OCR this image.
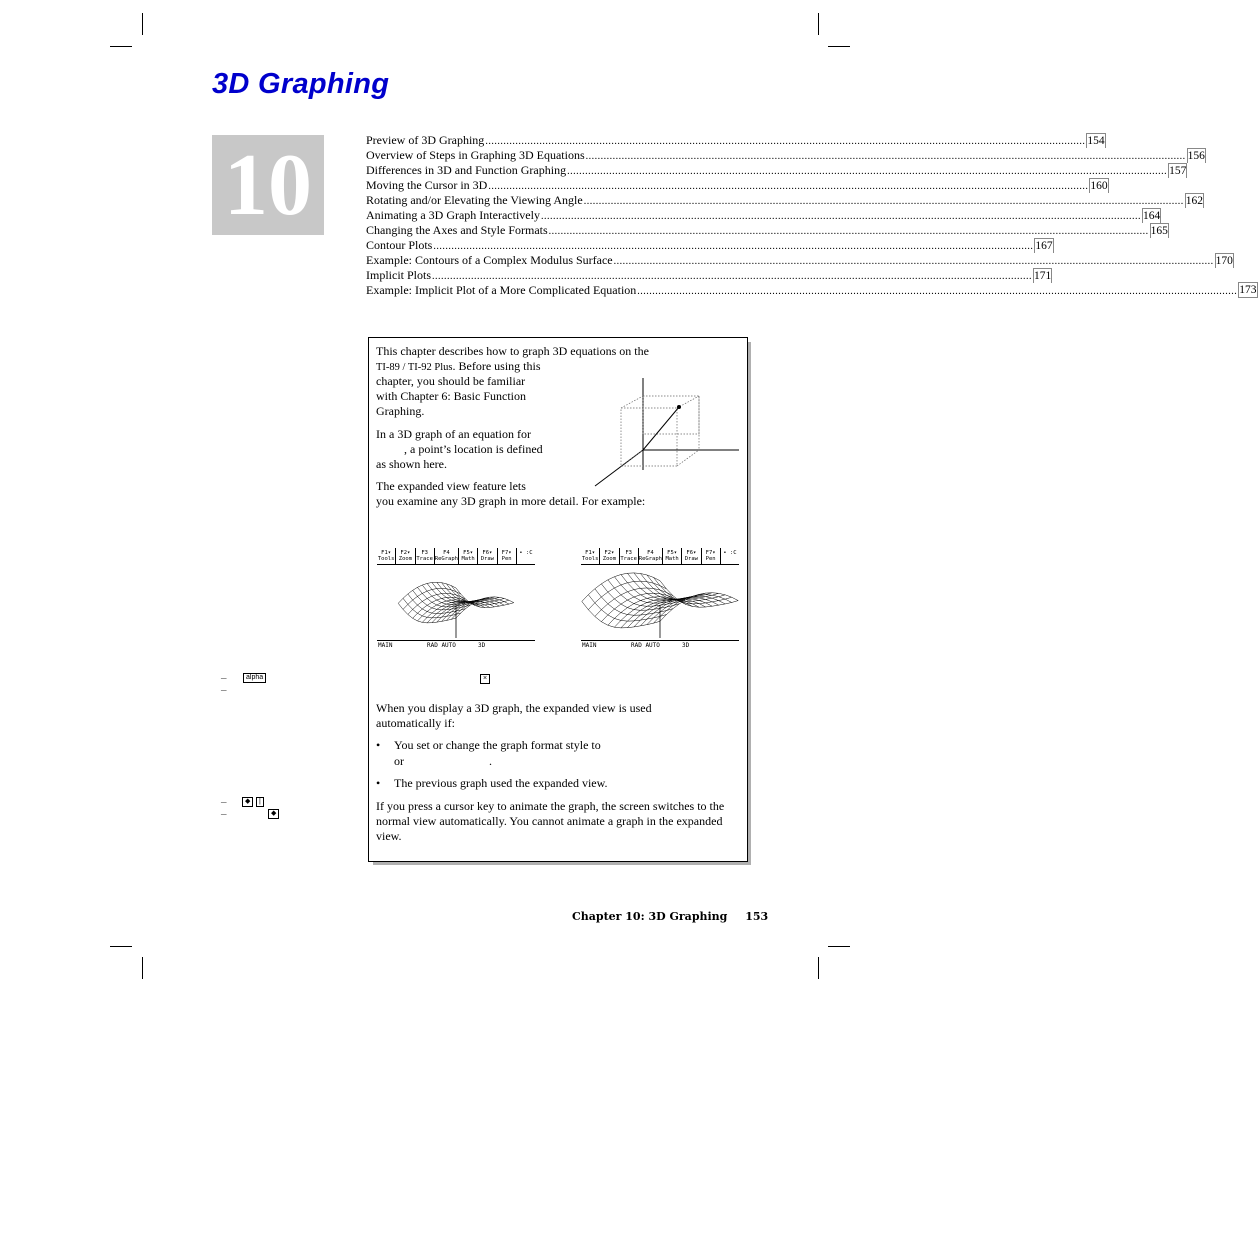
3D Graphing
10	Preview of 3D Graphing ........................................................................................................................................................................................................ 154
Overview of Steps in Graphing 3D Equations ........................................................................................................................................................................................................ 156
Differences in 3D and Function Graphing ........................................................................................................................................................................................................ 157
Moving the Cursor in 3D ........................................................................................................................................................................................................ 160
Rotating and/or Elevating the Viewing Angle ........................................................................................................................................................................................................ 162
Animating a 3D Graph Interactively ........................................................................................................................................................................................................ 164
Changing the Axes and Style Formats ........................................................................................................................................................................................................ 165
Contour Plots ........................................................................................................................................................................................................ 167
Example: Contours of a Complex Modulus Surface ........................................................................................................................................................................................................ 170
Implicit Plots ........................................................................................................................................................................................................ 171
Example: Implicit Plot of a More Complicated Equation ........................................................................................................................................................................................................ 173
This chapter describes how to graph 3D equations on the
TI-89 / TI-92 Plus. Before using this
chapter, you should be familiar
with Chapter 6: Basic Function
Graphing.
In a 3D graph of an equation for
, a point’s location is defined
as shown here.
The expanded view feature lets
you examine any 3D graph in more detail. For example:
F1▾ Tools
F2▾ Zoom
F3 Trace
F4 ReGraph
F5▾ Math
F6▾ Draw
F7▾ Pen
• :C
MAIN	RAD AUTO	3D
F1▾ Tools
F2▾ Zoom
F3 Trace
F4 ReGraph
F5▾ Math
F6▾ Draw
F7▾ Pen
• :C
MAIN	RAD AUTO	3D
×
When you display a 3D graph, the expanded view is used automatically if:
• You set or change the graph format style to
or	.
• The previous graph used the expanded view.
If you press a cursor key to animate the graph, the screen switches to the normal view automatically. You cannot animate a graph in the expanded view.
–	alpha
–
–	◆	|
–	◆
Chapter 10: 3D Graphing 153
